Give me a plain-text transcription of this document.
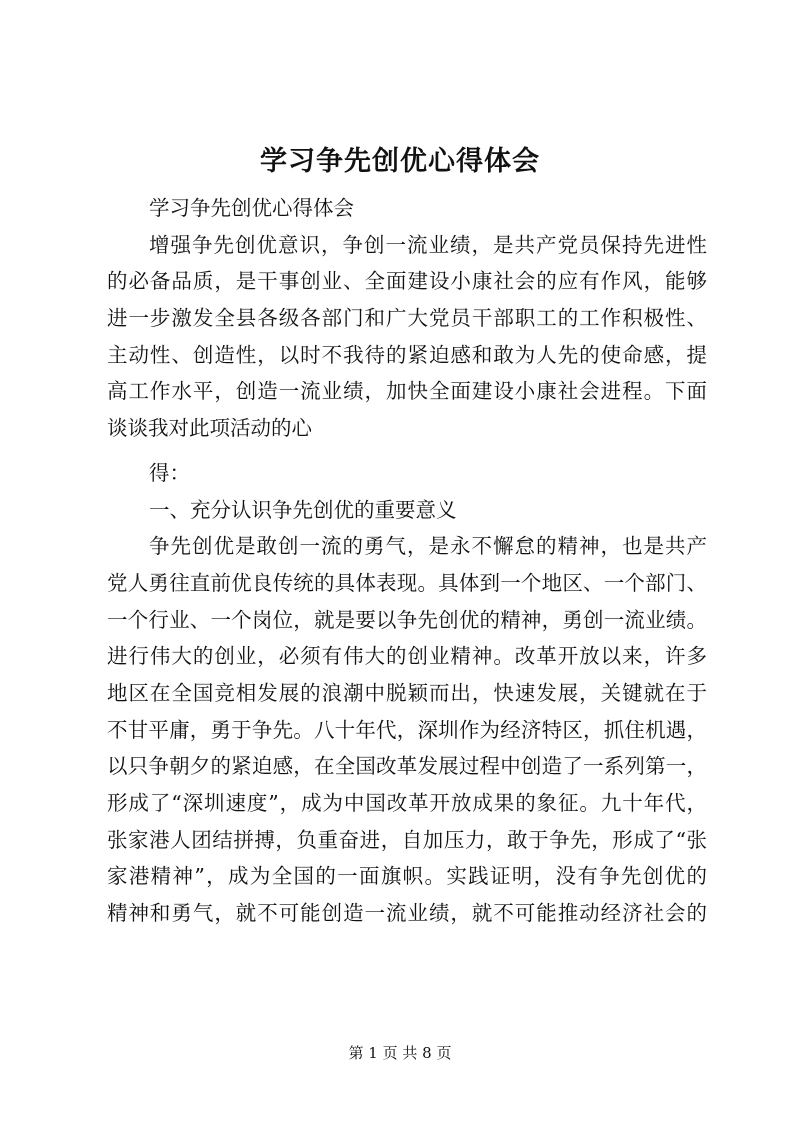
学习争先创优心得体会
学习争先创优心得体会
增强争先创优意识，争创一流业绩，是共产党员保持先进性
的必备品质，是干事创业、全面建设小康社会的应有作风，能够
进一步激发全县各级各部门和广大党员干部职工的工作积极性、
主动性、创造性，以时不我待的紧迫感和敢为人先的使命感，提
高工作水平，创造一流业绩，加快全面建设小康社会进程。下面
谈谈我对此项活动的心
得：
一、充分认识争先创优的重要意义
争先创优是敢创一流的勇气，是永不懈怠的精神，也是共产
党人勇往直前优良传统的具体表现。具体到一个地区、一个部门、
一个行业、一个岗位，就是要以争先创优的精神，勇创一流业绩。
进行伟大的创业，必须有伟大的创业精神。改革开放以来，许多
地区在全国竞相发展的浪潮中脱颖而出，快速发展，关键就在于
不甘平庸，勇于争先。八十年代，深圳作为经济特区，抓住机遇，
以只争朝夕的紧迫感，在全国改革发展过程中创造了一系列第一，
形成了“深圳速度”，成为中国改革开放成果的象征。九十年代，
张家港人团结拼搏，负重奋进，自加压力，敢于争先，形成了“张
家港精神”，成为全国的一面旗帜。实践证明，没有争先创优的
精神和勇气，就不可能创造一流业绩，就不可能推动经济社会的
第 1 页 共 8 页
